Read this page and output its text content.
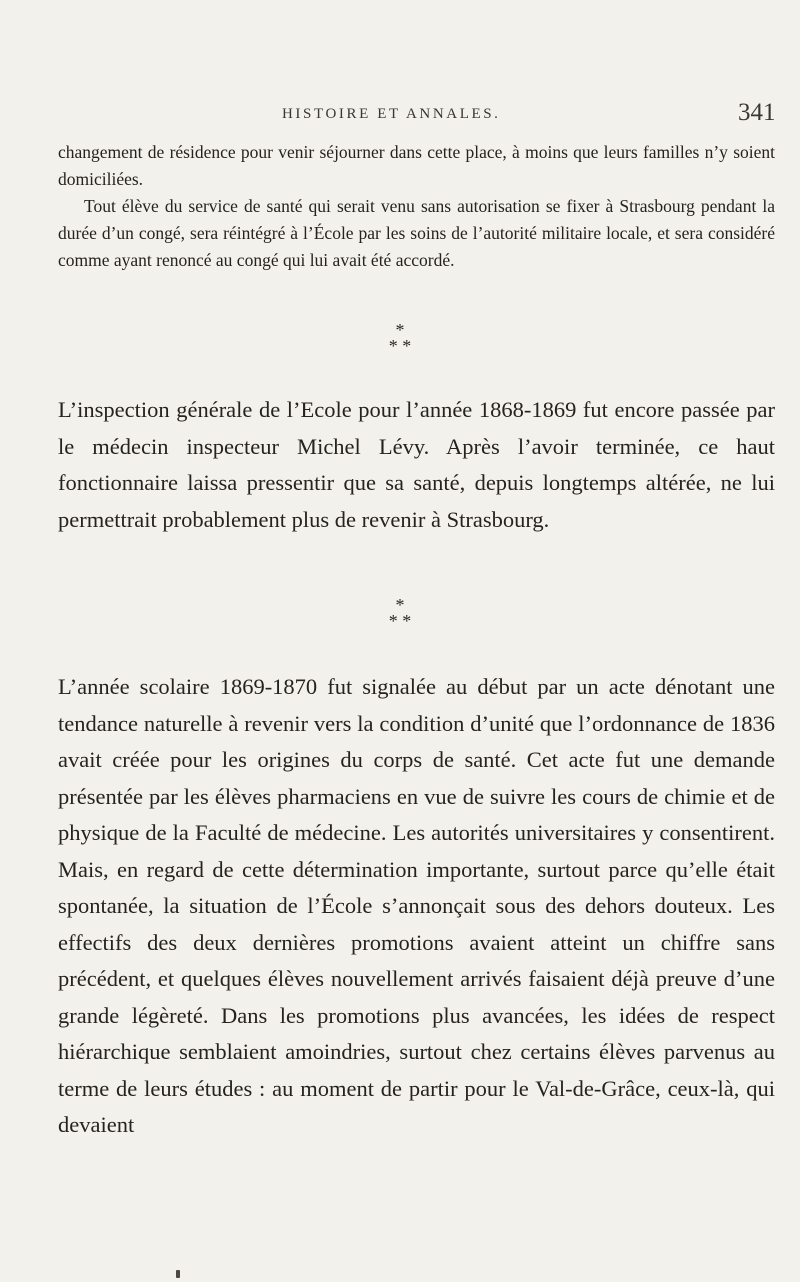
HISTOIRE ET ANNALES.	341

changement de résidence pour venir séjourner dans cette place, à moins que leurs familles n’y soient domiciliées.

Tout élève du service de santé qui serait venu sans autorisation se fixer à Strasbourg pendant la durée d’un congé, sera réintégré à l’École par les soins de l’autorité militaire locale, et sera considéré comme ayant renoncé au congé qui lui avait été accordé.

*
* *

L’inspection générale de l’Ecole pour l’année 1868-1869 fut encore passée par le médecin inspecteur Michel Lévy. Après l’avoir terminée, ce haut fonctionnaire laissa pressentir que sa santé, depuis longtemps altérée, ne lui permettrait probablement plus de revenir à Strasbourg.

*
* *

L’année scolaire 1869-1870 fut signalée au début par un acte dénotant une tendance naturelle à revenir vers la condition d’unité que l’ordonnance de 1836 avait créée pour les origines du corps de santé. Cet acte fut une demande présentée par les élèves pharmaciens en vue de suivre les cours de chimie et de physique de la Faculté de médecine. Les autorités universitaires y consentirent. Mais, en regard de cette détermination importante, surtout parce qu’elle était spontanée, la situation de l’École s’annonçait sous des dehors douteux. Les effectifs des deux dernières promotions avaient atteint un chiffre sans précédent, et quelques élèves nouvellement arrivés faisaient déjà preuve d’une grande légèreté. Dans les promotions plus avancées, les idées de respect hiérarchique semblaient amoindries, surtout chez certains élèves parvenus au terme de leurs études : au moment de partir pour le Val-de-Grâce, ceux-là, qui devaient
